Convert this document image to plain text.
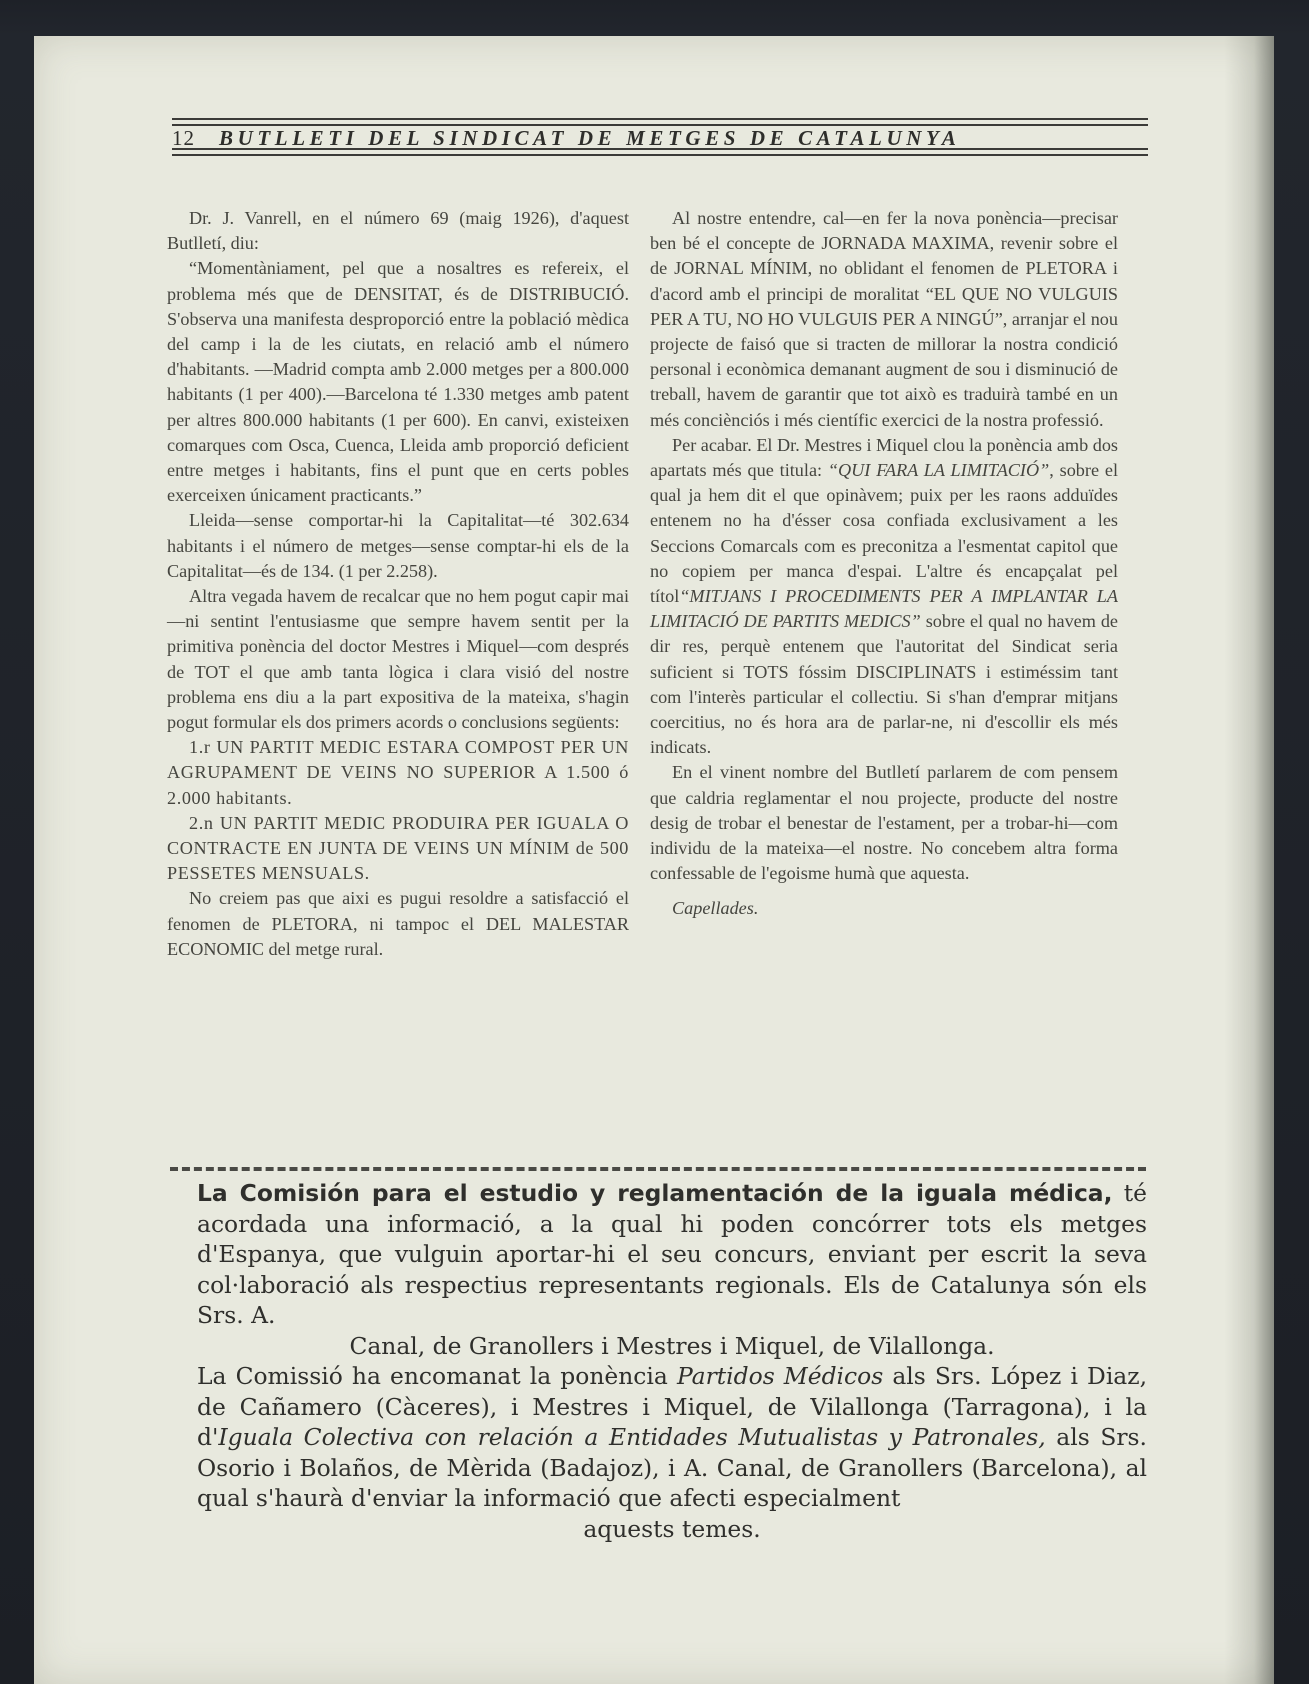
12 BUTLLETI DEL SINDICAT DE METGES DE CATALUNYA

Dr. J. Vanrell, en el número 69 (maig 1926), d'aquest Butlletí, diu:

“Momentàniament, pel que a nosaltres es refereix, el problema més que de DENSITAT, és de DISTRIBUCIÓ. S'observa una manifesta desproporció entre la població mèdica del camp i la de les ciutats, en relació amb el número d'habitants. —Madrid compta amb 2.000 metges per a 800.000 habitants (1 per 400).—Barcelona té 1.330 metges amb patent per altres 800.000 habitants (1 per 600). En canvi, existeixen comarques com Osca, Cuenca, Lleida amb proporció deficient entre metges i habitants, fins el punt que en certs pobles exerceixen únicament practicants.”

Lleida—sense comportar-hi la Capitalitat—té 302.634 habitants i el número de metges—sense comptar-hi els de la Capitalitat—és de 134. (1 per 2.258).

Altra vegada havem de recalcar que no hem pogut capir mai—ni sentint l'entusiasme que sempre havem sentit per la primitiva ponència del doctor Mestres i Miquel—com després de TOT el que amb tanta lògica i clara visió del nostre problema ens diu a la part expositiva de la mateixa, s'hagin pogut formular els dos primers acords o conclusions següents:

1.r UN PARTIT MEDIC ESTARA COMPOST PER UN AGRUPAMENT DE VEINS NO SUPERIOR A 1.500 ó 2.000 habitants.

2.n UN PARTIT MEDIC PRODUIRA PER IGUALA O CONTRACTE EN JUNTA DE VEINS UN MÍNIM de 500 PESSETES MENSUALS.

No creiem pas que aixi es pugui resoldre a satisfacció el fenomen de PLETORA, ni tampoc el DEL MALESTAR ECONOMIC del metge rural.

Al nostre entendre, cal—en fer la nova ponència—precisar ben bé el concepte de JORNADA MAXIMA, revenir sobre el de JORNAL MÍNIM, no oblidant el fenomen de PLETORA i d'acord amb el principi de moralitat “EL QUE NO VULGUIS PER A TU, NO HO VULGUIS PER A NINGÚ”, arranjar el nou projecte de faisó que si tracten de millorar la nostra condició personal i econòmica demanant augment de sou i disminució de treball, havem de garantir que tot això es traduirà també en un més conciènciós i més científic exercici de la nostra professió.

Per acabar. El Dr. Mestres i Miquel clou la ponència amb dos apartats més que titula: “QUI FARA LA LIMITACIÓ”, sobre el qual ja hem dit el que opinàvem; puix per les raons adduïdes entenem no ha d'ésser cosa confiada exclusivament a les Seccions Comarcals com es preconitza a l'esmentat capitol que no copiem per manca d'espai. L'altre és encapçalat pel títol“MITJANS I PROCEDIMENTS PER A IMPLANTAR LA LIMITACIÓ DE PARTITS MEDICS” sobre el qual no havem de dir res, perquè entenem que l'autoritat del Sindicat seria suficient si TOTS fóssim DISCIPLINATS i estiméssim tant com l'interès particular el collectiu. Si s'han d'emprar mitjans coercitius, no és hora ara de parlar-ne, ni d'escollir els més indicats.

En el vinent nombre del Butlletí parlarem de com pensem que caldria reglamentar el nou projecte, producte del nostre desig de trobar el benestar de l'estament, per a trobar-hi—com individu de la mateixa—el nostre. No concebem altra forma confessable de l'egoisme humà que aquesta.

Capellades.

La Comisión para el estudio y reglamentación de la iguala médica, té acordada una informació, a la qual hi poden concórrer tots els metges d'Espanya, que vulguin aportar-hi el seu concurs, enviant per escrit la seva col·laboració als respectius representants regionals. Els de Catalunya són els Srs. A.

Canal, de Granollers i Mestres i Miquel, de Vilallonga.

La Comissió ha encomanat la ponència Partidos Médicos als Srs. López i Diaz, de Cañamero (Càceres), i Mestres i Miquel, de Vilallonga (Tarragona), i la d'Iguala Colectiva con relación a Entidades Mutualistas y Patronales, als Srs. Osorio i Bolaños, de Mèrida (Badajoz), i A. Canal, de Granollers (Barcelona), al qual s'haurà d'enviar la informació que afecti especialment

aquests temes.
